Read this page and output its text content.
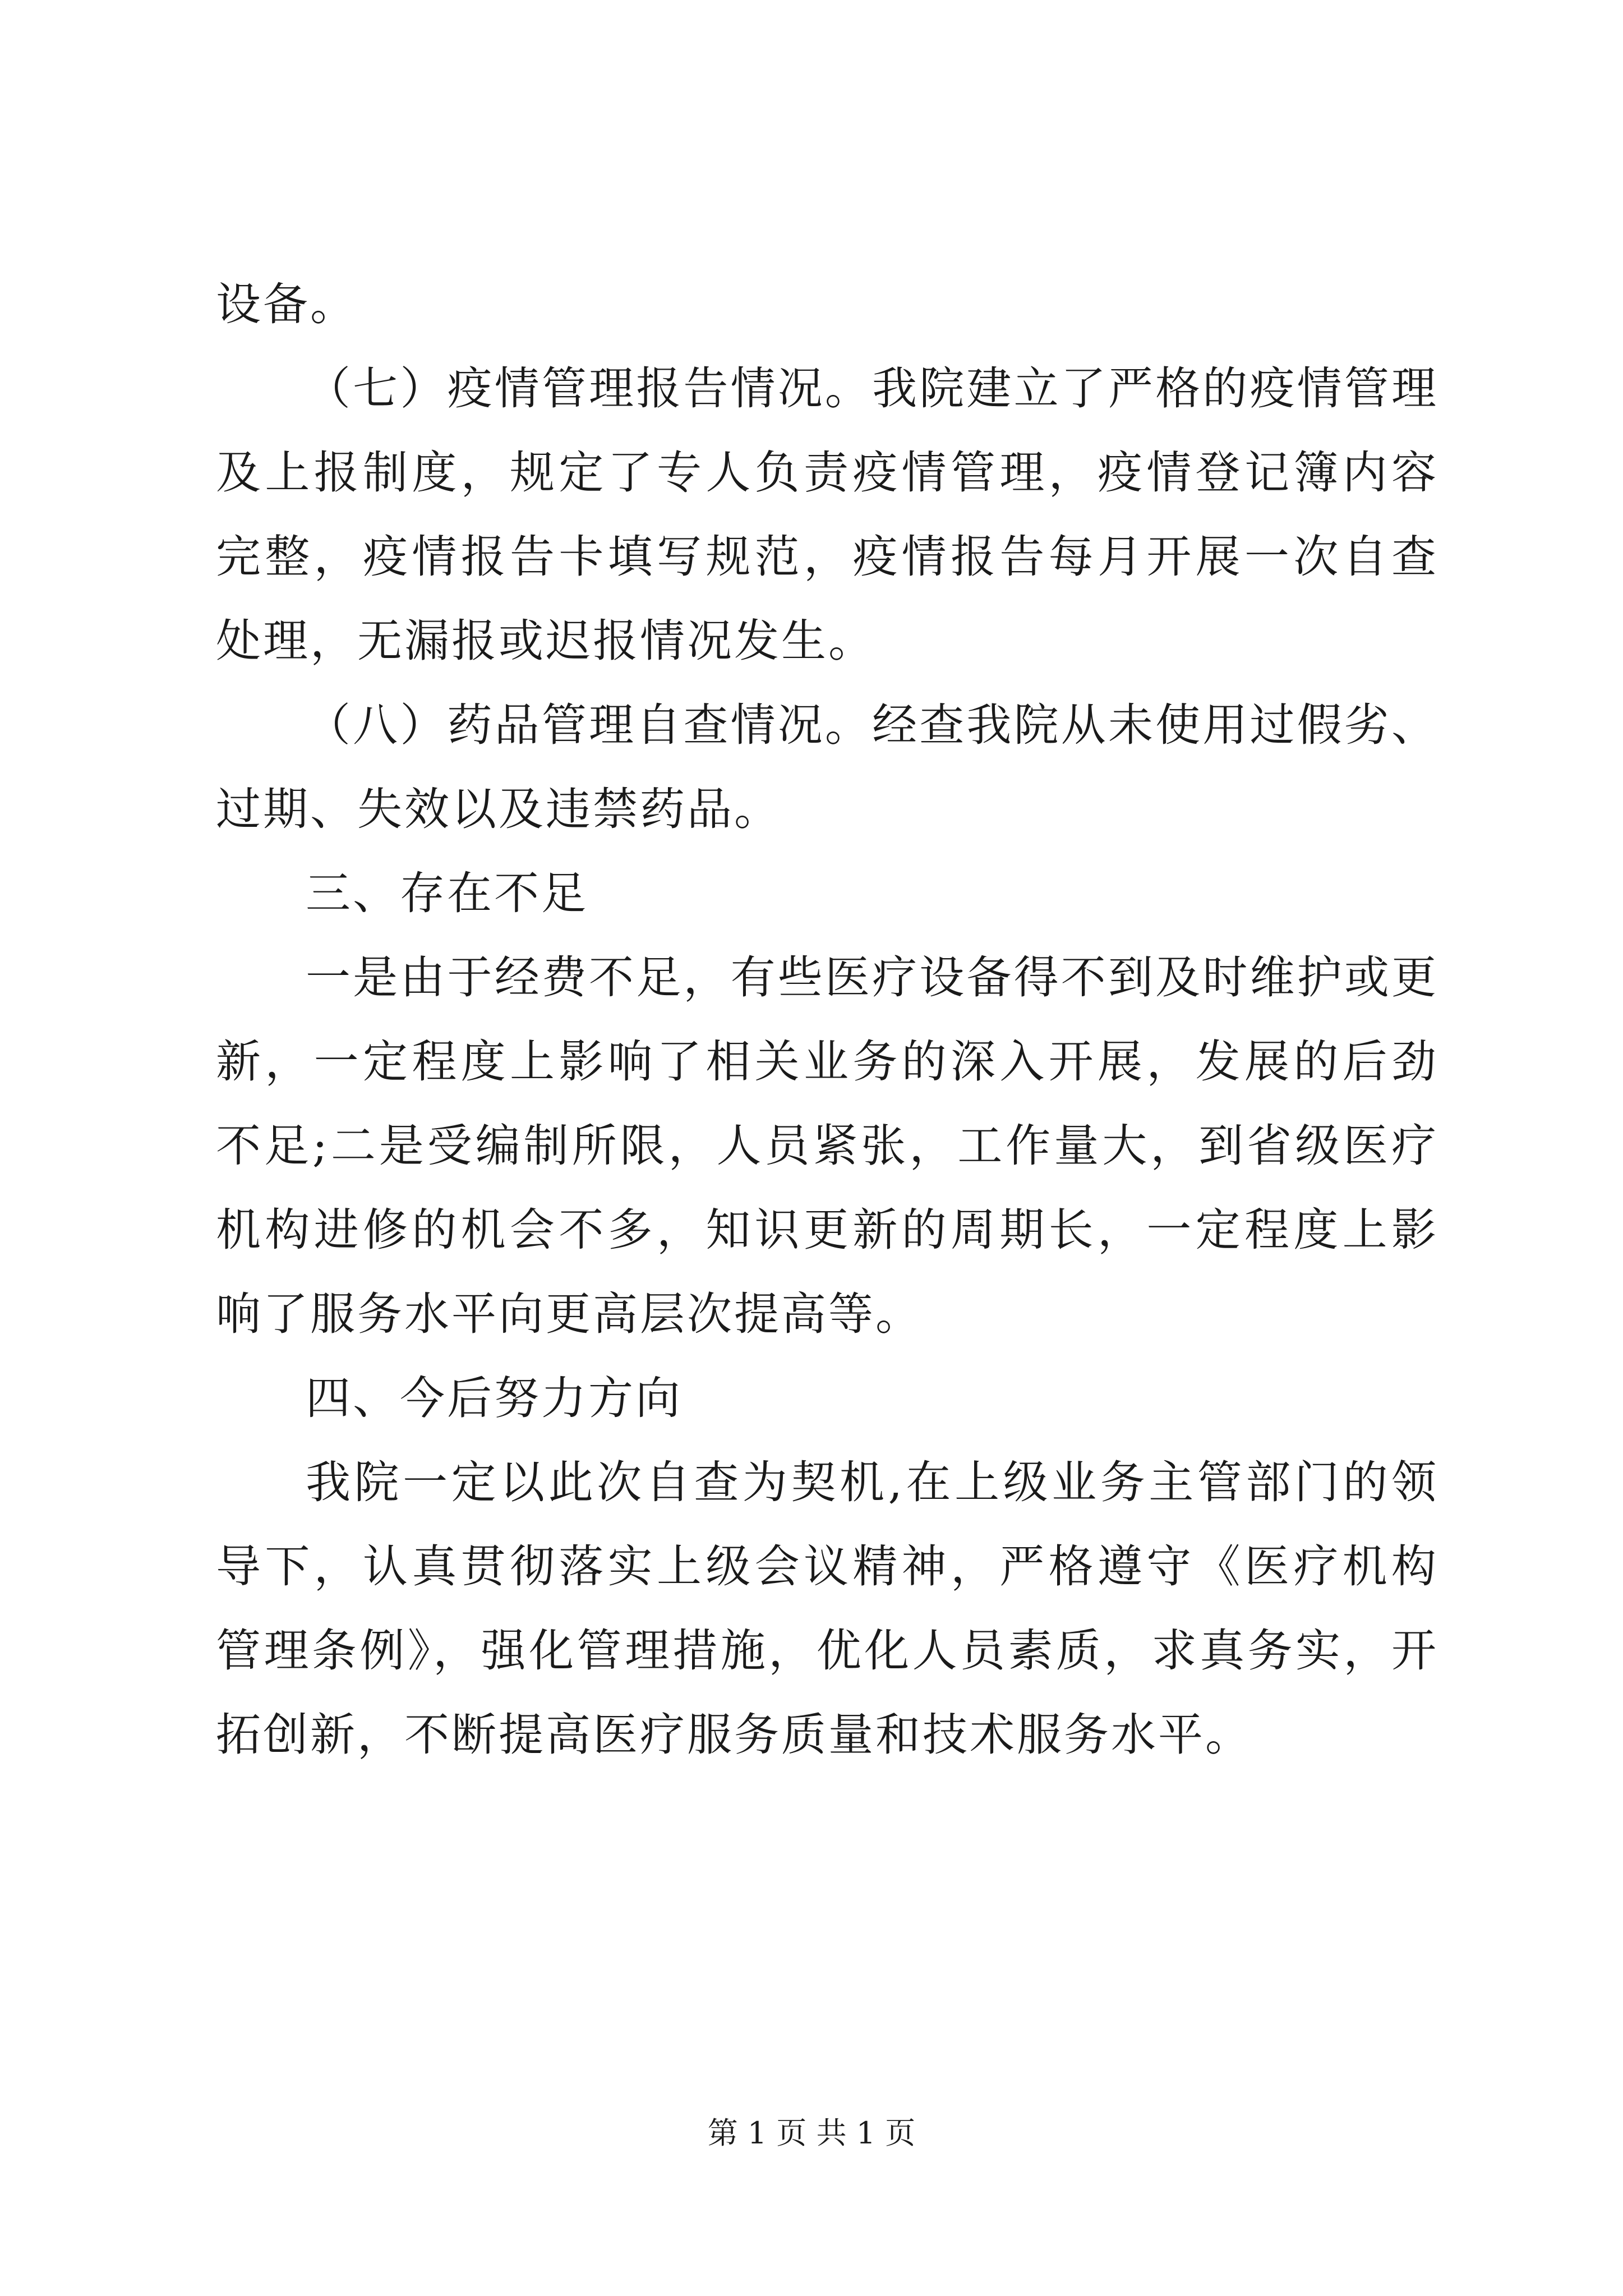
设备。

（七）疫情管理报告情况。我院建立了严格的疫情管理及上报制度，规定了专人负责疫情管理，疫情登记簿内容完整，疫情报告卡填写规范，疫情报告每月开展一次自查处理，无漏报或迟报情况发生。

（八）药品管理自查情况。经查我院从未使用过假劣、过期、失效以及违禁药品。

三、存在不足

一是由于经费不足，有些医疗设备得不到及时维护或更新，一定程度上影响了相关业务的深入开展，发展的后劲不足;二是受编制所限，人员紧张，工作量大，到省级医疗机构进修的机会不多，知识更新的周期长，一定程度上影响了服务水平向更高层次提高等。

四、今后努力方向

我院一定以此次自查为契机,在上级业务主管部门的领导下，认真贯彻落实上级会议精神，严格遵守《医疗机构管理条例》，强化管理措施，优化人员素质，求真务实，开拓创新，不断提高医疗服务质量和技术服务水平。

第 1 页 共 1 页
